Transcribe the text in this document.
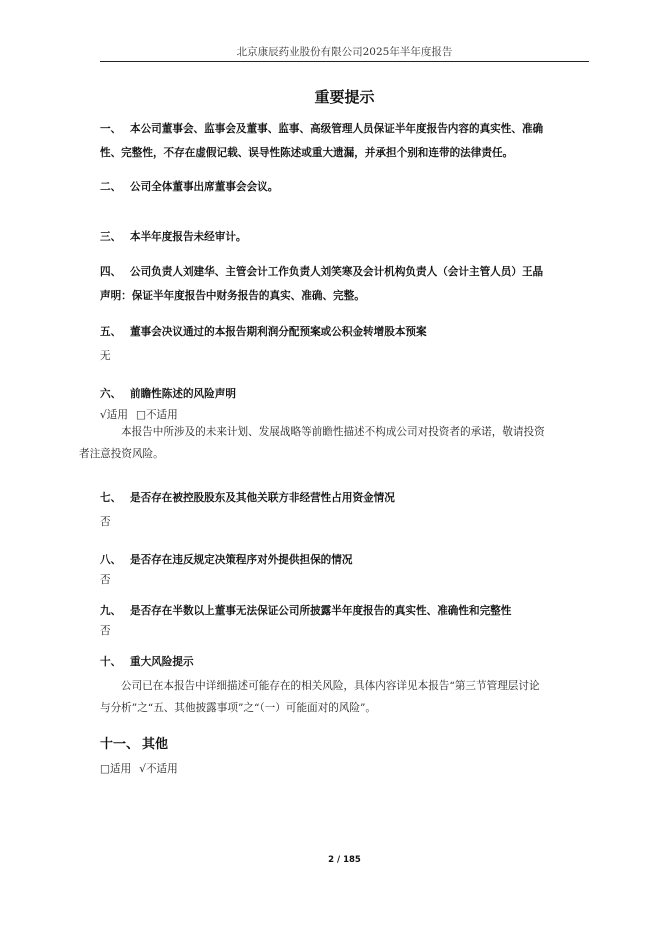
北京康辰药业股份有限公司2025年半年度报告
重要提示
一、 本公司董事会、监事会及董事、监事、高级管理人员保证半年度报告内容的真实性、准确
性、完整性，不存在虚假记载、误导性陈述或重大遗漏，并承担个别和连带的法律责任。
二、 公司全体董事出席董事会会议。
三、 本半年度报告未经审计。
四、 公司负责人刘建华、主管会计工作负责人刘笑寒及会计机构负责人（会计主管人员）王晶
声明：保证半年度报告中财务报告的真实、准确、完整。
五、 董事会决议通过的本报告期利润分配预案或公积金转增股本预案
无
六、 前瞻性陈述的风险声明
√适用 □不适用
本报告中所涉及的未来计划、发展战略等前瞻性描述不构成公司对投资者的承诺，敬请投资
者注意投资风险。
七、 是否存在被控股股东及其他关联方非经营性占用资金情况
否
八、 是否存在违反规定决策程序对外提供担保的情况
否
九、 是否存在半数以上董事无法保证公司所披露半年度报告的真实性、准确性和完整性
否
十、 重大风险提示
公司已在本报告中详细描述可能存在的相关风险，具体内容详见本报告“第三节管理层讨论
与分析”之“五、其他披露事项”之“（一）可能面对的风险”。
十一、 其他
□适用 √不适用
2 / 185
